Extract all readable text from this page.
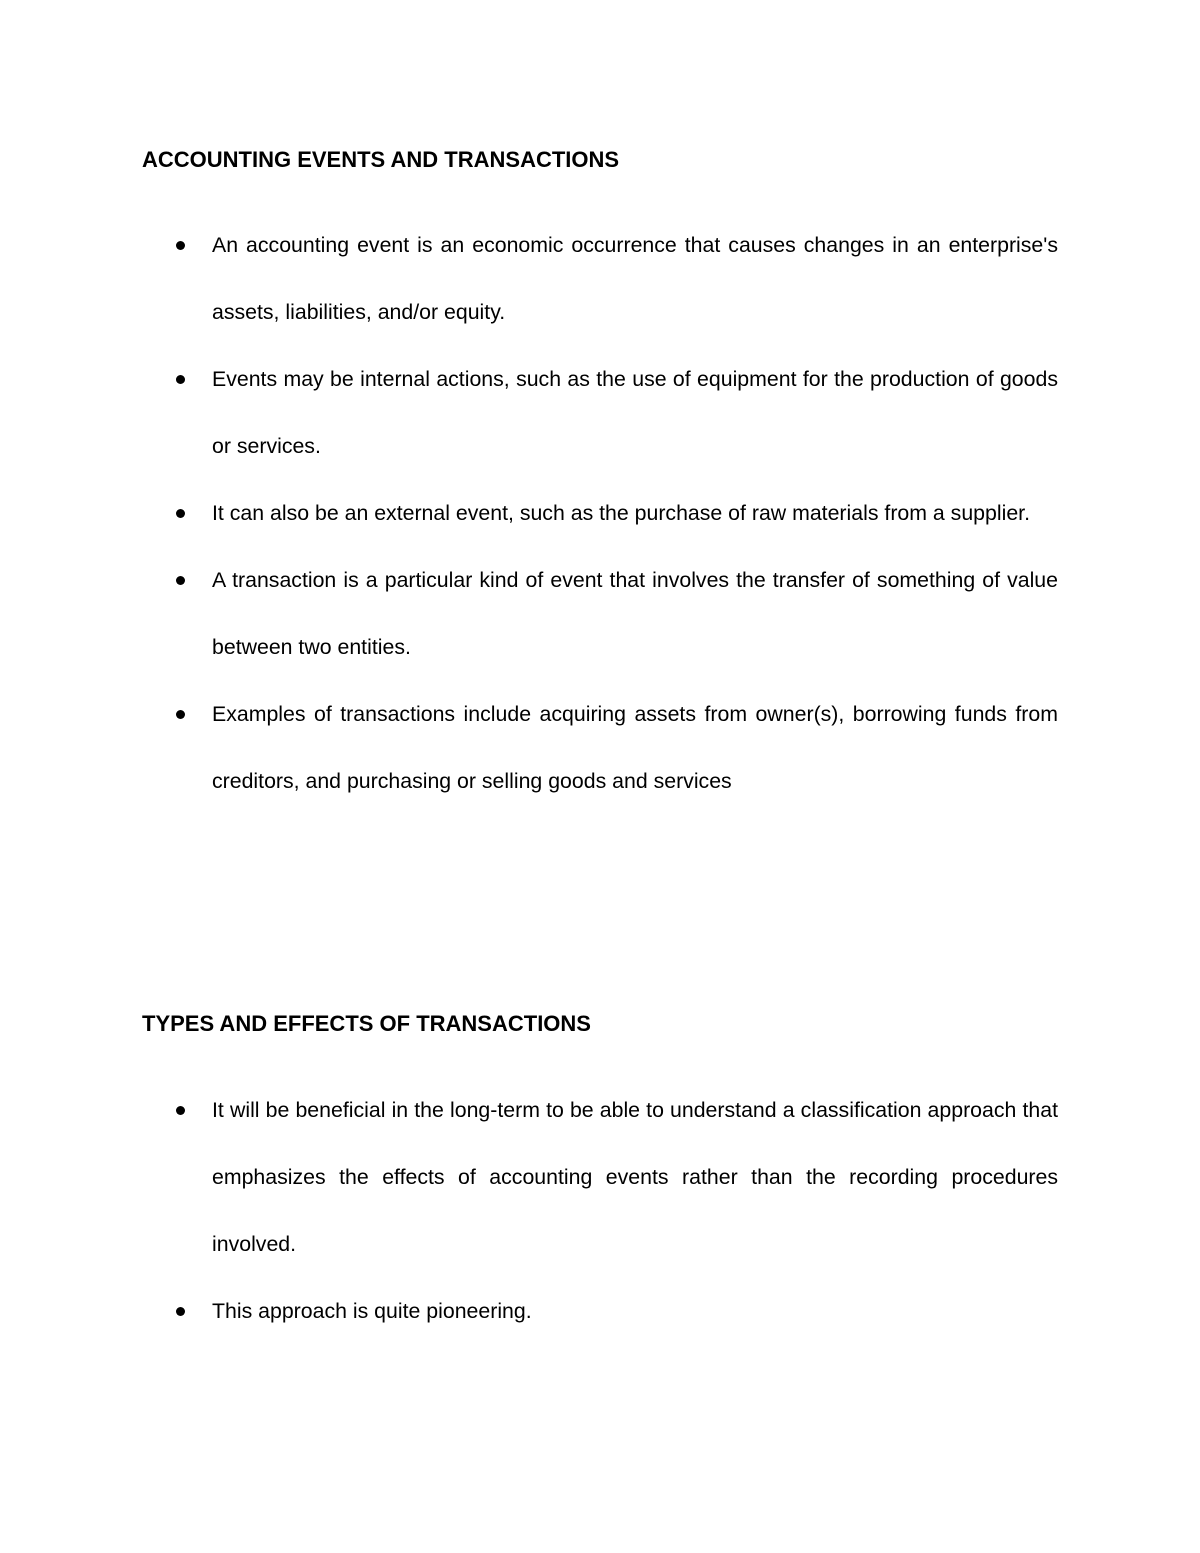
ACCOUNTING EVENTS AND TRANSACTIONS
An accounting event is an economic occurrence that causes changes in an enterprise's assets, liabilities, and/or equity.
Events may be internal actions, such as the use of equipment for the production of goods or services.
It can also be an external event, such as the purchase of raw materials from a supplier.
A transaction is a particular kind of event that involves the transfer of something of value between two entities.
Examples of transactions include acquiring assets from owner(s), borrowing funds from creditors, and purchasing or selling goods and services
TYPES AND EFFECTS OF TRANSACTIONS
It will be beneficial in the long-term to be able to understand a classification approach that emphasizes the effects of accounting events rather than the recording procedures involved.
This approach is quite pioneering.
